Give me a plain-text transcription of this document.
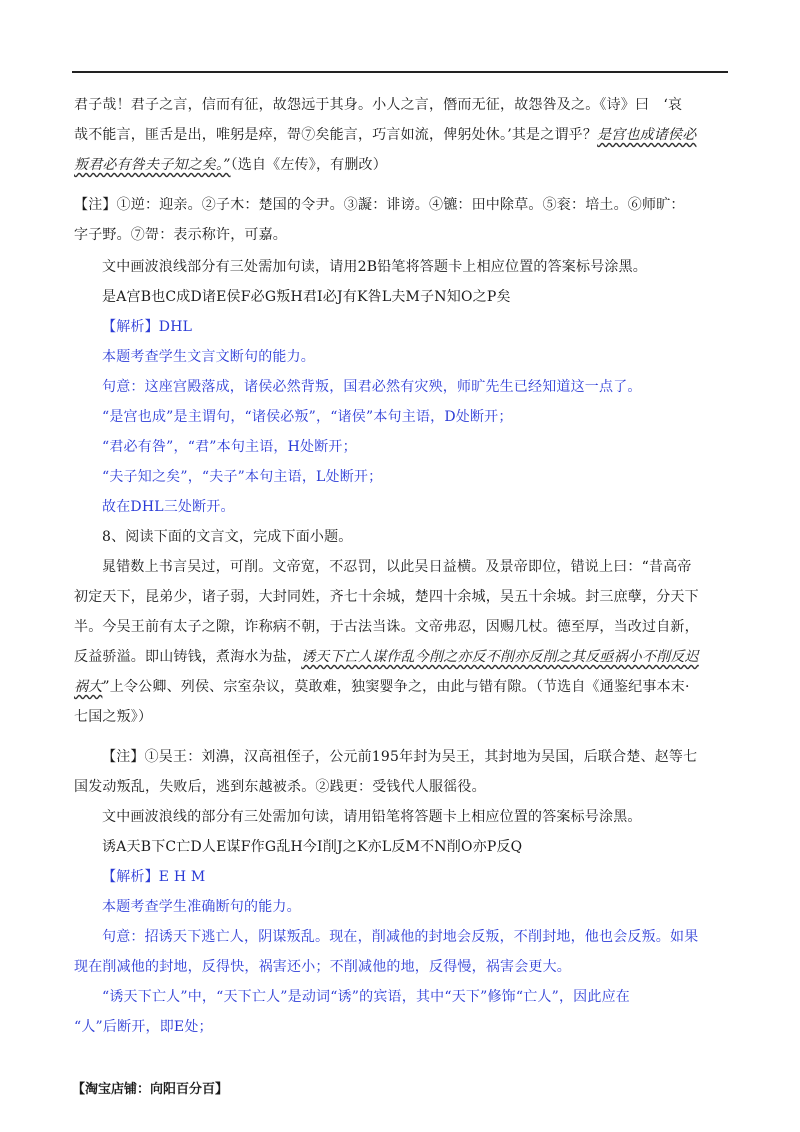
君子哉！君子之言，信而有征，故怨远于其身。小人之言，僭而无征，故怨咎及之。《诗》曰　‘哀
哉不能言，匪舌是出，唯躬是瘁，哿⑦矣能言，巧言如流，俾躬处休。’其是之谓乎？是宫也成诸侯必
叛君必有咎夫子知之矣。”（选自《左传》，有删改）
【注】①逆：迎亲。②子木：楚国的令尹。③譺：诽谤。④镳：田中除草。⑤衮：培土。⑥师旷：
字子野。⑦哿：表示称许，可嘉。
文中画波浪线部分有三处需加句读，请用2B铅笔将答题卡上相应位置的答案标号涂黑。
是A宫B也C成D诸E侯F必G叛H君I必J有K咎L夫M子N知O之P矣
【解析】DHL
本题考查学生文言文断句的能力。
句意：这座宫殿落成，诸侯必然背叛，国君必然有灾殃，师旷先生已经知道这一点了。
“是宫也成”是主谓句，“诸侯必叛”，“诸侯”本句主语，D处断开；
“君必有咎”，“君”本句主语，H处断开；
“夫子知之矣”，“夫子”本句主语，L处断开；
故在DHL三处断开。
8、阅读下面的文言文，完成下面小题。
晁错数上书言吴过，可削。文帝宽，不忍罚，以此吴日益横。及景帝即位，错说上曰：“昔高帝
初定天下，昆弟少，诸子弱，大封同姓，齐七十余城，楚四十余城，吴五十余城。封三庶孽，分天下
半。今吴王前有太子之隙，诈称病不朝，于古法当诛。文帝弗忍，因赐几杖。德至厚，当改过自新，
反益骄溢。即山铸钱，煮海水为盐，诱天下亡人谋作乱今削之亦反不削亦反削之其反亟祸小不削反迟
祸大”上令公卿、列侯、宗室杂议，莫敢难，独窦婴争之，由此与错有隙。（节选自《通鉴纪事本末·
七国之叛》）
【注】①吴王：刘濞，汉高祖侄子，公元前195年封为吴王，其封地为吴国，后联合楚、赵等七
国发动叛乱，失败后，逃到东越被杀。②践更：受钱代人服徭役。
文中画波浪线的部分有三处需加句读，请用铅笔将答题卡上相应位置的答案标号涂黑。
诱A天B下C亡D人E谋F作G乱H今I削J之K亦L反M不N削O亦P反Q
【解析】E H M
本题考查学生准确断句的能力。
句意：招诱天下逃亡人，阴谋叛乱。现在，削减他的封地会反叛，不削封地，他也会反叛。如果
现在削减他的封地，反得快，祸害还小；不削减他的地，反得慢，祸害会更大。
“诱天下亡人”中，“天下亡人”是动词“诱”的宾语，其中“天下”修饰“亡人”，因此应在
“人”后断开，即E处；
【淘宝店铺：向阳百分百】
